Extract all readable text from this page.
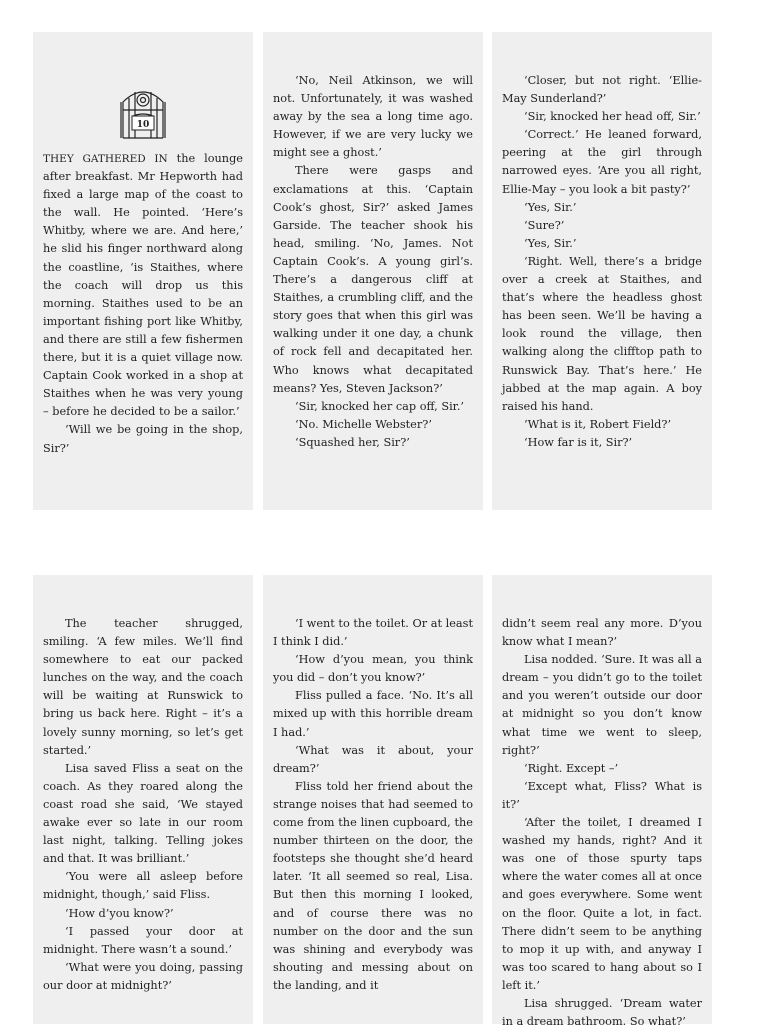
10

THEY GATHERED IN the lounge after breakfast. Mr Hepworth had fixed a large map of the coast to the wall. He pointed. ‘Here’s Whitby, where we are. And here,’ he slid his finger northward along the coastline, ‘is Staithes, where the coach will drop us this morning. Staithes used to be an important fishing port like Whitby, and there are still a few fishermen there, but it is a quiet village now. Captain Cook worked in a shop at Staithes when he was very young – before he decided to be a sailor.’

‘Will we be going in the shop, Sir?’

‘No, Neil Atkinson, we will not. Unfortunately, it was washed away by the sea a long time ago. However, if we are very lucky we might see a ghost.’

There were gasps and exclamations at this. ‘Captain Cook’s ghost, Sir?’ asked James Garside. The teacher shook his head, smiling. ‘No, James. Not Captain Cook’s. A young girl’s. There’s a dangerous cliff at Staithes, a crumbling cliff, and the story goes that when this girl was walking under it one day, a chunk of rock fell and decapitated her. Who knows what decapitated means? Yes, Steven Jackson?’

‘Sir, knocked her cap off, Sir.’

‘No. Michelle Webster?’

‘Squashed her, Sir?’

‘Closer, but not right. ‘Ellie-May Sunderland?’

‘Sir, knocked her head off, Sir.’

‘Correct.’ He leaned forward, peering at the girl through narrowed eyes. ‘Are you all right, Ellie-May – you look a bit pasty?’

‘Yes, Sir.’

‘Sure?’

‘Yes, Sir.’

‘Right. Well, there’s a bridge over a creek at Staithes, and that’s where the headless ghost has been seen. We’ll be having a look round the village, then walking along the clifftop path to Runswick Bay. That’s here.’ He jabbed at the map again. A boy raised his hand.

‘What is it, Robert Field?’

‘How far is it, Sir?’

The teacher shrugged, smiling. ‘A few miles. We’ll find somewhere to eat our packed lunches on the way, and the coach will be waiting at Runswick to bring us back here. Right – it’s a lovely sunny morning, so let’s get started.’

Lisa saved Fliss a seat on the coach. As they roared along the coast road she said, ‘We stayed awake ever so late in our room last night, talking. Telling jokes and that. It was brilliant.’

‘You were all asleep before midnight, though,’ said Fliss.

‘How d’you know?’

‘I passed your door at midnight. There wasn’t a sound.’

‘What were you doing, passing our door at midnight?’

‘I went to the toilet. Or at least I think I did.’

‘How d’you mean, you think you did – don’t you know?’

Fliss pulled a face. ‘No. It’s all mixed up with this horrible dream I had.’

‘What was it about, your dream?’

Fliss told her friend about the strange noises that had seemed to come from the linen cupboard, the number thirteen on the door, the footsteps she thought she’d heard later. ‘It all seemed so real, Lisa. But then this morning I looked, and of course there was no number on the door and the sun was shining and everybody was shouting and messing about on the landing, and it

didn’t seem real any more. D’you know what I mean?’

Lisa nodded. ‘Sure. It was all a dream – you didn’t go to the toilet and you weren’t outside our door at midnight so you don’t know what time we went to sleep, right?’

‘Right. Except –’

‘Except what, Fliss? What is it?’

‘After the toilet, I dreamed I washed my hands, right? And it was one of those spurty taps where the water comes all at once and goes everywhere. Some went on the floor. Quite a lot, in fact. There didn’t seem to be anything to mop it up with, and anyway I was too scared to hang about so I left it.’

Lisa shrugged. ‘Dream water in a dream bathroom. So what?’
